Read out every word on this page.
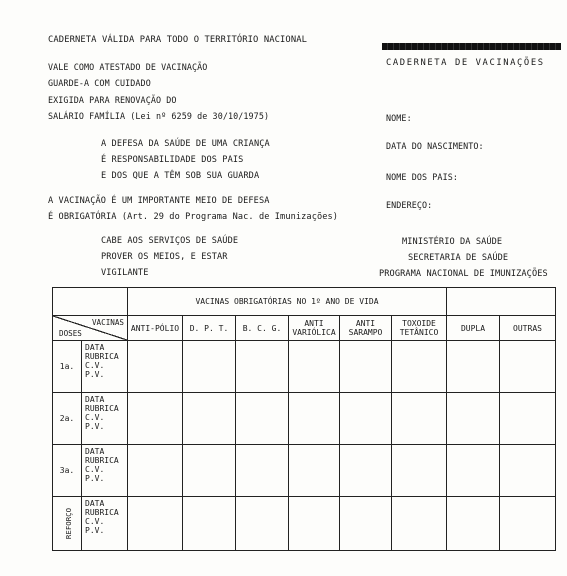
CADERNETA VÁLIDA PARA TODO O TERRITÓRIO NACIONAL
CADERNETA DE VACINAÇÕES
VALE COMO ATESTADO DE VACINAÇÃO
GUARDE-A COM CUIDADO
EXIGIDA PARA RENOVAÇÃO DO
SALÁRIO FAMÍLIA (Lei nº 6259 de 30/10/1975)
A DEFESA DA SAÚDE DE UMA CRIANÇA
É RESPONSABILIDADE DOS PAIS
E DOS QUE A TÊM SOB SUA GUARDA
A VACINAÇÃO É UM IMPORTANTE MEIO DE DEFESA
É OBRIGATÓRIA (Art. 29 do Programa Nac. de Imunizações)
CABE AOS SERVIÇOS DE SAÚDE
PROVER OS MEIOS, E ESTAR
VIGILANTE
NOME:
DATA DO NASCIMENTO:
NOME DOS PAIS:
ENDEREÇO:
MINISTÉRIO DA SAÚDE
SECRETARIA DE SAÚDE
PROGRAMA NACIONAL DE IMUNIZAÇÕES
		VACINAS OBRIGATÓRIAS NO 1º ANO DE VIDA							

VACINAS
DOSES		ANTI-PÓLIO	D. P. T.	B. C. G.	ANTI VARIÓLICA	ANTI SARAMPO	TOXOIDE TETÂNICO	DUPLA	OUTRAS
1a.	DATA
RUBRICA
C.V.
P.V.								

2a.	DATA
RUBRICA
C.V.
P.V.								

3a.	DATA
RUBRICA
C.V.
P.V.								

REFORÇO	DATA
RUBRICA
C.V.
P.V.								
